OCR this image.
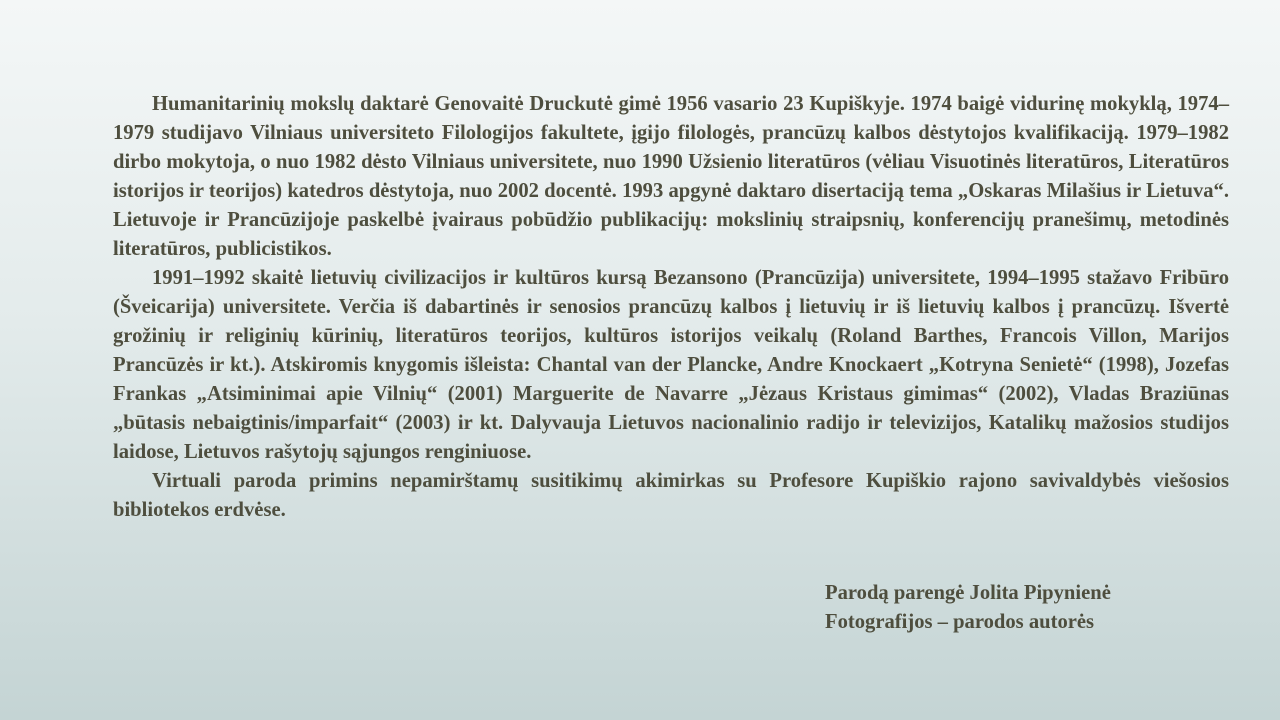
Humanitarinių mokslų daktarė Genovaitė Druckutė gimė 1956 vasario 23 Kupiškyje. 1974 baigė vidurinę mokyklą, 1974–1979 studijavo Vilniaus universiteto Filologijos fakultete, įgijo filologės, prancūzų kalbos dėstytojos kvalifikaciją. 1979–1982 dirbo mokytoja, o nuo 1982 dėsto Vilniaus universitete, nuo 1990 Užsienio literatūros (vėliau Visuotinės literatūros, Literatūros istorijos ir teorijos) katedros dėstytoja, nuo 2002 docentė. 1993 apgynė daktaro disertaciją tema „Oskaras Milašius ir Lietuva“. Lietuvoje ir Prancūzijoje paskelbė įvairaus pobūdžio publikacijų: mokslinių straipsnių, konferencijų pranešimų, metodinės literatūros, publicistikos.

1991–1992 skaitė lietuvių civilizacijos ir kultūros kursą Bezansono (Prancūzija) universitete, 1994–1995 stažavo Fribūro (Šveicarija) universitete. Verčia iš dabartinės ir senosios prancūzų kalbos į lietuvių ir iš lietuvių kalbos į prancūzų. Išvertė grožinių ir religinių kūrinių, literatūros teorijos, kultūros istorijos veikalų (Roland Barthes, Francois Villon, Marijos Prancūzės ir kt.). Atskiromis knygomis išleista: Chantal van der Plancke, Andre Knockaert „Kotryna Senietė“ (1998), Jozefas Frankas „Atsiminimai apie Vilnių“ (2001) Marguerite de Navarre „Jėzaus Kristaus gimimas“ (2002), Vladas Braziūnas „būtasis nebaigtinis/imparfait“ (2003) ir kt. Dalyvauja Lietuvos nacionalinio radijo ir televizijos, Katalikų mažosios studijos laidose, Lietuvos rašytojų sąjungos renginiuose.

Virtuali paroda primins nepamirštamų susitikimų akimirkas su Profesore Kupiškio rajono savivaldybės viešosios bibliotekos erdvėse.

Parodą parengė Jolita Pipynienė
Fotografijos – parodos autorės
